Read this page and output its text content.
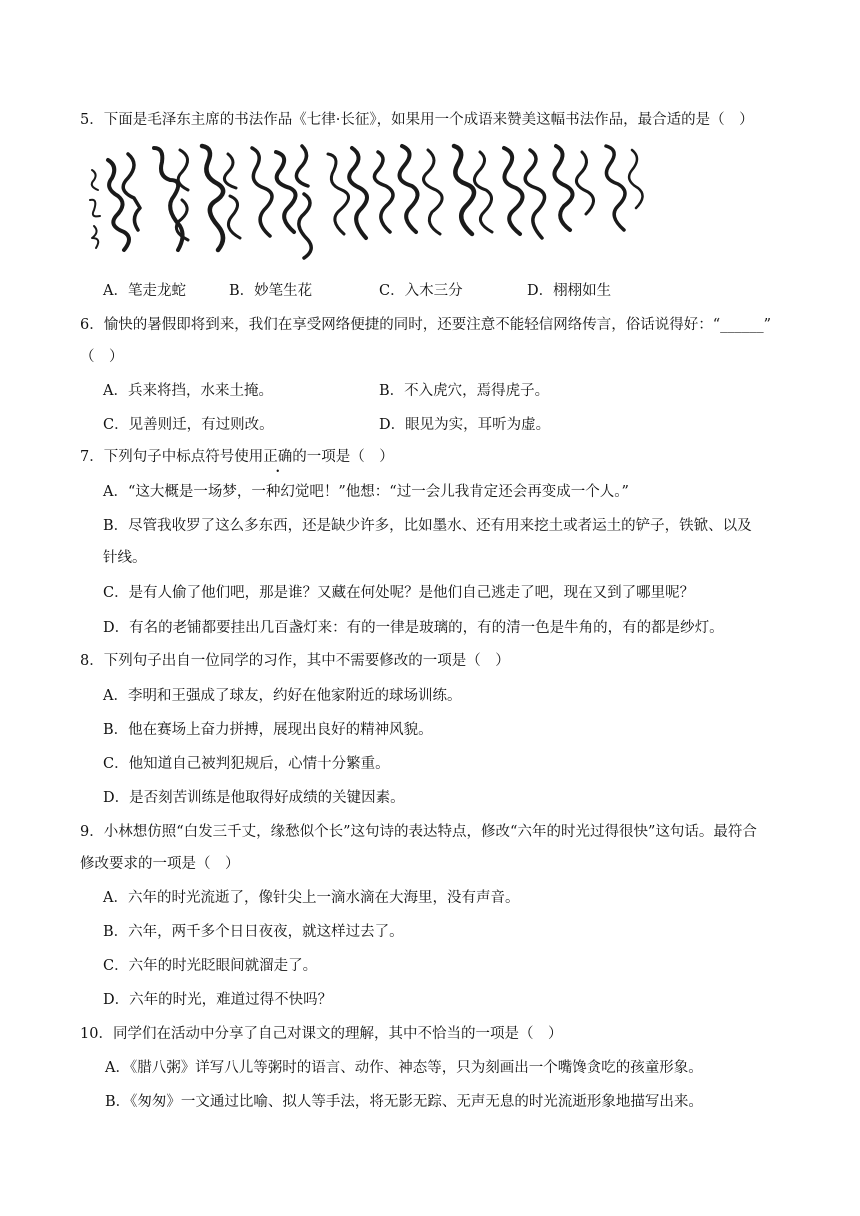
5．下面是毛泽东主席的书法作品《七律·长征》，如果用一个成语来赞美这幅书法作品，最合适的是（　）
A．笔走龙蛇	B．妙笔生花	C．入木三分	D．栩栩如生
6．愉快的暑假即将到来，我们在享受网络便捷的同时，还要注意不能轻信网络传言，俗话说得好：“______”
（　）
A．兵来将挡，水来土掩。	B．不入虎穴，焉得虎子。
C．见善则迁，有过则改。	D．眼见为实，耳听为虚。
7．下列句子中标点符号使用正确的一项是（　）
A．“这大概是一场梦，一种幻觉吧！”他想：“过一会儿我肯定还会再变成一个人。”
B．尽管我收罗了这么多东西，还是缺少许多，比如墨水、还有用来挖土或者运土的铲子，铁锨、以及
针线。
C．是有人偷了他们吧，那是谁？又藏在何处呢？是他们自己逃走了吧，现在又到了哪里呢？
D．有名的老铺都要挂出几百盏灯来：有的一律是玻璃的，有的清一色是牛角的，有的都是纱灯。
8．下列句子出自一位同学的习作，其中不需要修改的一项是（　）
A．李明和王强成了球友，约好在他家附近的球场训练。
B．他在赛场上奋力拼搏，展现出良好的精神风貌。
C．他知道自己被判犯规后，心情十分繁重。
D．是否刻苦训练是他取得好成绩的关键因素。
9．小林想仿照“白发三千丈，缘愁似个长”这句诗的表达特点，修改“六年的时光过得很快”这句话。最符合
修改要求的一项是（　）
A．六年的时光流逝了，像针尖上一滴水滴在大海里，没有声音。
B．六年，两千多个日日夜夜，就这样过去了。
C．六年的时光眨眼间就溜走了。
D．六年的时光，难道过得不快吗？
10．同学们在活动中分享了自己对课文的理解，其中不恰当的一项是（　）
A．《腊八粥》详写八儿等粥时的语言、动作、神态等，只为刻画出一个嘴馋贪吃的孩童形象。
B．《匆匆》一文通过比喻、拟人等手法，将无影无踪、无声无息的时光流逝形象地描写出来。
